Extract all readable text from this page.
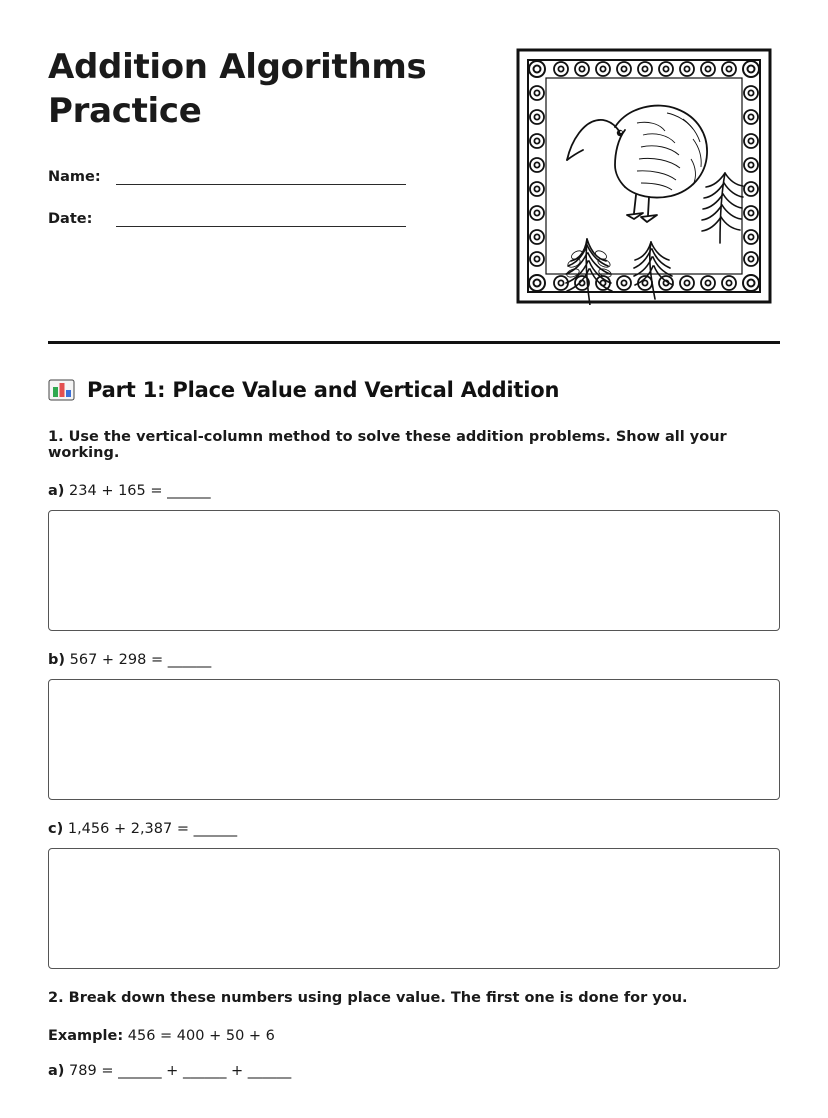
Addition Algorithms Practice
Name:
Date:
Part 1: Place Value and Vertical Addition
1. Use the vertical-column method to solve these addition problems. Show all your working.
a) 234 + 165 = ______
b) 567 + 298 = ______
c) 1,456 + 2,387 = ______
2. Break down these numbers using place value. The first one is done for you.
Example: 456 = 400 + 50 + 6
a) 789 = ______ + ______ + ______
